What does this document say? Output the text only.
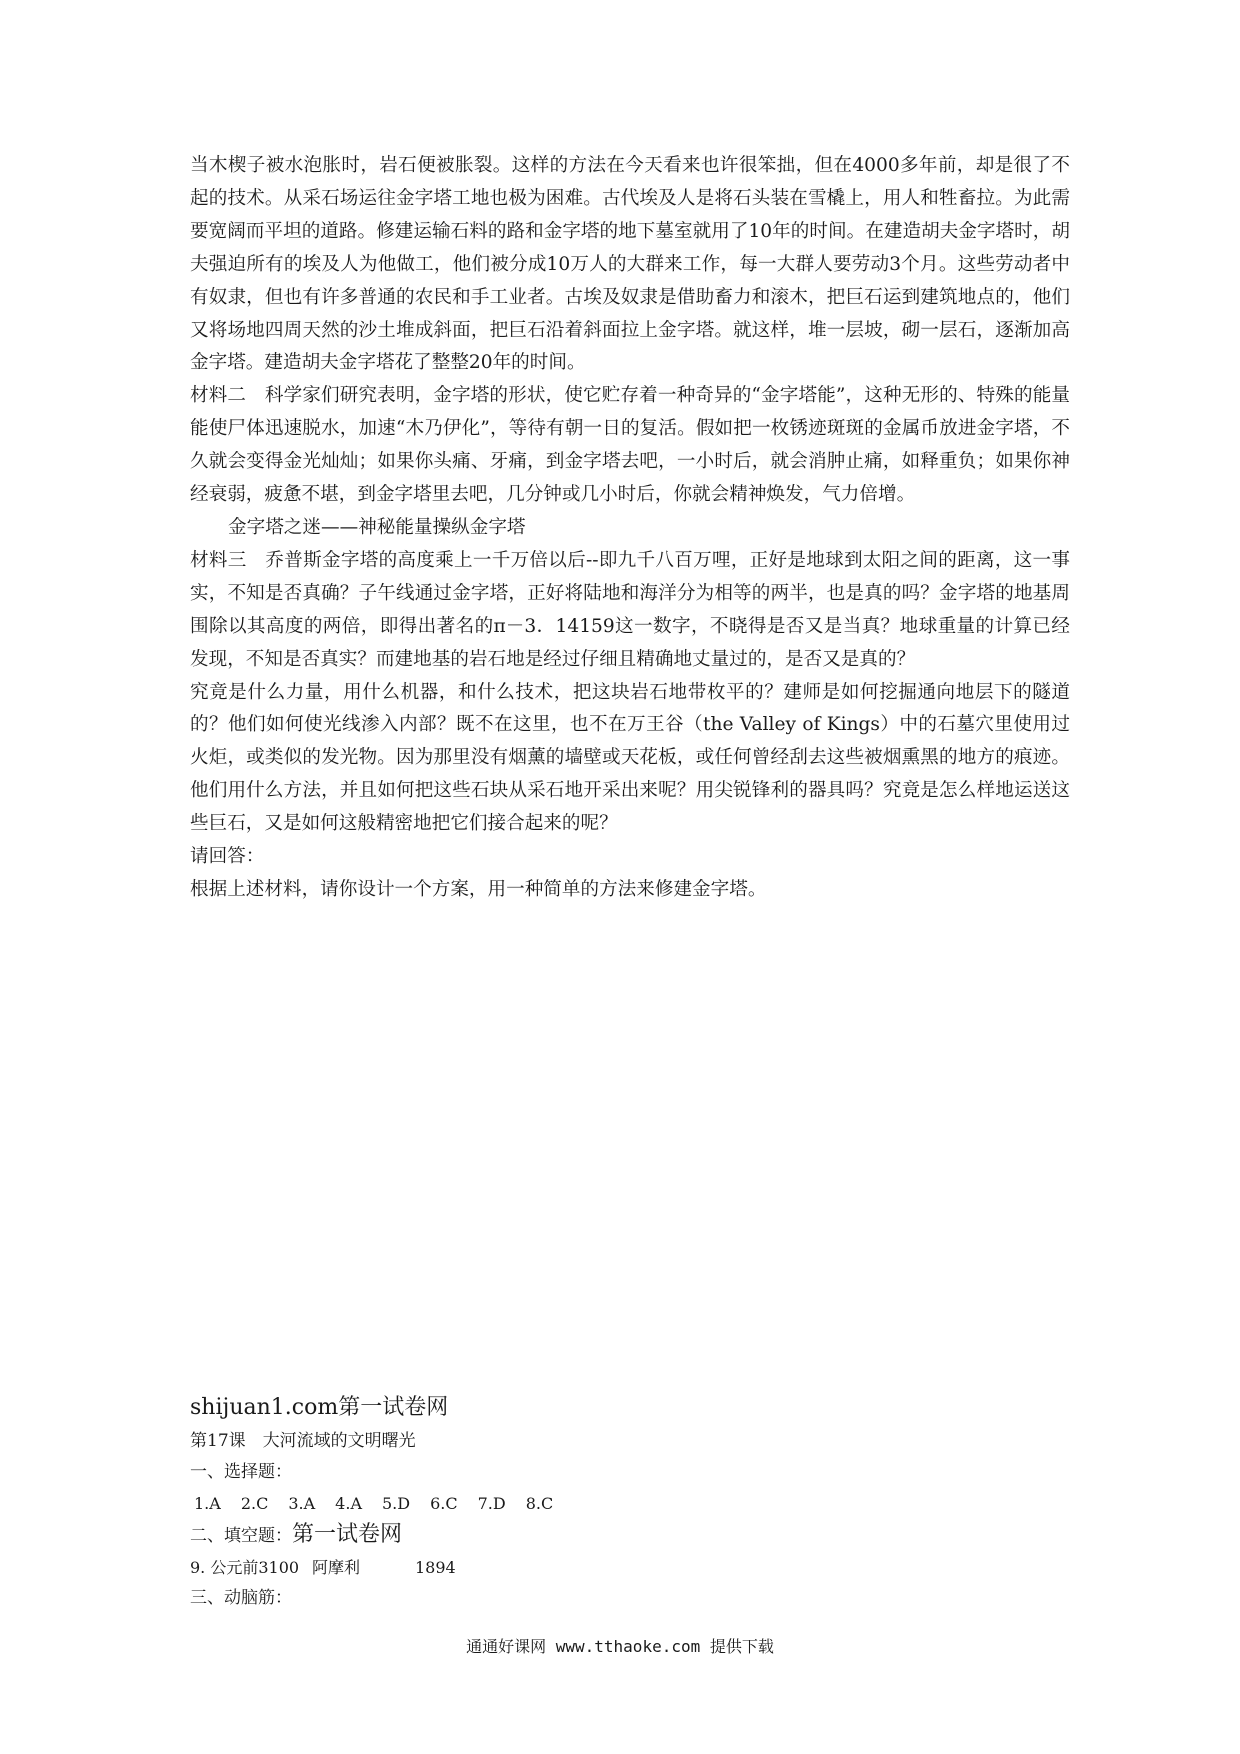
当木楔子被水泡胀时，岩石便被胀裂。这样的方法在今天看来也许很笨拙，但在4000多年前，却是很了不起的技术。从采石场运往金字塔工地也极为困难。古代埃及人是将石头装在雪橇上，用人和牲畜拉。为此需要宽阔而平坦的道路。修建运输石料的路和金字塔的地下墓室就用了10年的时间。在建造胡夫金字塔时，胡夫强迫所有的埃及人为他做工，他们被分成10万人的大群来工作，每一大群人要劳动3个月。这些劳动者中有奴隶，但也有许多普通的农民和手工业者。古埃及奴隶是借助畜力和滚木，把巨石运到建筑地点的，他们又将场地四周天然的沙土堆成斜面，把巨石沿着斜面拉上金字塔。就这样，堆一层坡，砌一层石，逐渐加高金字塔。建造胡夫金字塔花了整整20年的时间。

材料二　科学家们研究表明，金字塔的形状，使它贮存着一种奇异的“金字塔能”，这种无形的、特殊的能量能使尸体迅速脱水，加速“木乃伊化”，等待有朝一日的复活。假如把一枚锈迹斑斑的金属币放进金字塔，不久就会变得金光灿灿；如果你头痛、牙痛，到金字塔去吧，一小时后，就会消肿止痛，如释重负；如果你神经衰弱，疲惫不堪，到金字塔里去吧，几分钟或几小时后，你就会精神焕发，气力倍增。

金字塔之迷——神秘能量操纵金字塔

材料三　乔普斯金字塔的高度乘上一千万倍以后--即九千八百万哩，正好是地球到太阳之间的距离，这一事实，不知是否真确？子午线通过金字塔，正好将陆地和海洋分为相等的两半，也是真的吗？金字塔的地基周围除以其高度的两倍，即得出著名的π－3．14159这一数字，不晓得是否又是当真？地球重量的计算已经发现，不知是否真实？而建地基的岩石地是经过仔细且精确地丈量过的，是否又是真的？

究竟是什么力量，用什么机器，和什么技术，把这块岩石地带枚平的？建师是如何挖掘通向地层下的隧道的？他们如何使光线渗入内部？既不在这里，也不在万王谷（the Valley of Kings）中的石墓穴里使用过火炬，或类似的发光物。因为那里没有烟薰的墙壁或天花板，或任何曾经刮去这些被烟熏黑的地方的痕迹。他们用什么方法，并且如何把这些石块从采石地开采出来呢？用尖锐锋利的器具吗？究竟是怎么样地运送这些巨石，又是如何这般精密地把它们接合起来的呢？

请回答：

根据上述材料，请你设计一个方案，用一种简单的方法来修建金字塔。

shijuan1.com第一试卷网

第17课　大河流域的文明曙光

一、选择题：

1.A 2.C 3.A 4.A 5.D 6.C 7.D 8.C

二、填空题：第一试卷网

9. 公元前3100 阿摩利	1894

三、动脑筋：

通通好课网 www.tthaoke.com 提供下载
